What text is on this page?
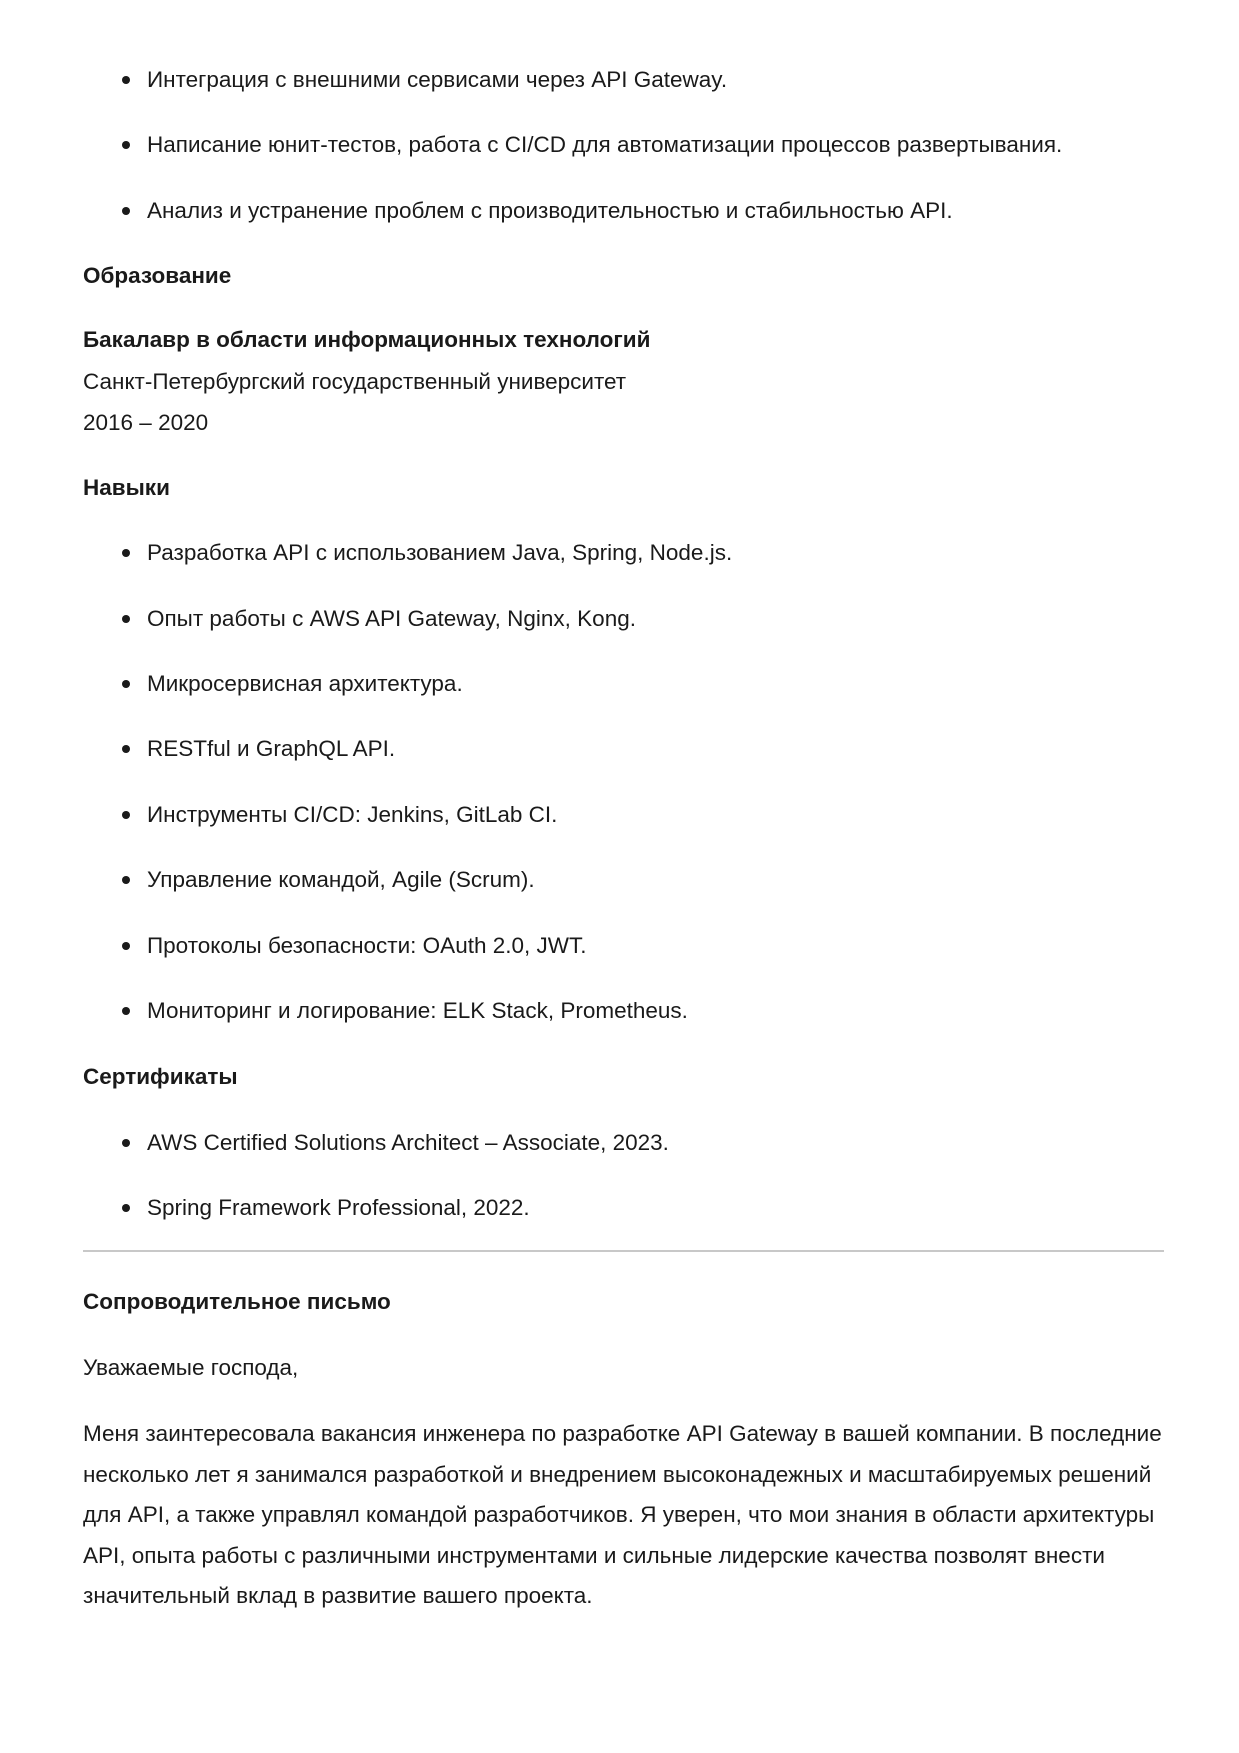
Интеграция с внешними сервисами через API Gateway.
Написание юнит-тестов, работа с CI/CD для автоматизации процессов развертывания.
Анализ и устранение проблем с производительностью и стабильностью API.
Образование
Бакалавр в области информационных технологий
Санкт-Петербургский государственный университет
2016 – 2020
Навыки
Разработка API с использованием Java, Spring, Node.js.
Опыт работы с AWS API Gateway, Nginx, Kong.
Микросервисная архитектура.
RESTful и GraphQL API.
Инструменты CI/CD: Jenkins, GitLab CI.
Управление командой, Agile (Scrum).
Протоколы безопасности: OAuth 2.0, JWT.
Мониторинг и логирование: ELK Stack, Prometheus.
Сертификаты
AWS Certified Solutions Architect – Associate, 2023.
Spring Framework Professional, 2022.
Сопроводительное письмо
Уважаемые господа,
Меня заинтересовала вакансия инженера по разработке API Gateway в вашей компании. В последние несколько лет я занимался разработкой и внедрением высоконадежных и масштабируемых решений для API, а также управлял командой разработчиков. Я уверен, что мои знания в области архитектуры API, опыта работы с различными инструментами и сильные лидерские качества позволят внести значительный вклад в развитие вашего проекта.
